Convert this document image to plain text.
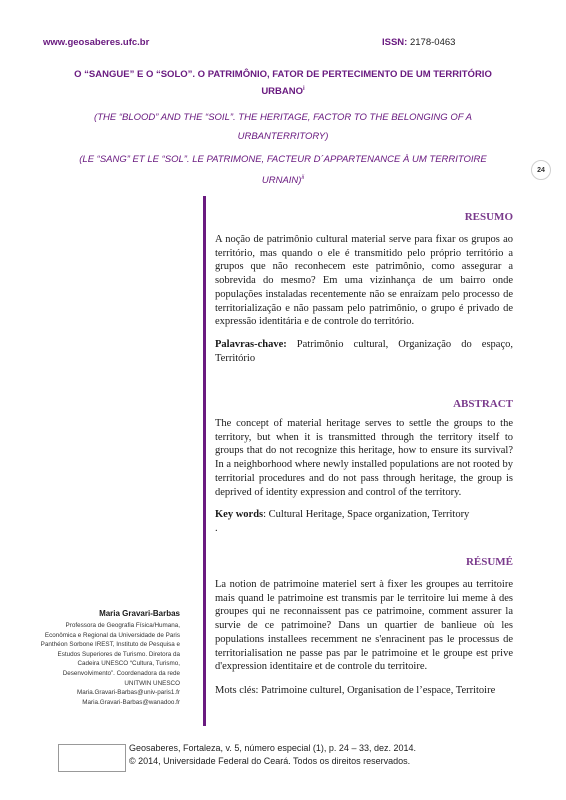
www.geosaberes.ufc.br	ISSN: 2178-0463
O “SANGUE” E O “SOLO”. O PATRIMÔNIO, FATOR DE PERTECIMENTO DE UM TERRITÓRIO
URBANO$^i$
(THE “BLOOD” AND THE “SOIL”. THE HERITAGE, FACTOR TO THE BELONGING OF A
URBANTERRITORY)
(LE “SANG” ET LE “SOL”. LE PATRIMONE, FACTEUR D´APPARTENANCE À UM TERRITOIRE
URNAIN)$^{ii}$
24
RESUMO
A noção de patrimônio cultural material serve para fixar os grupos ao território, mas quando o ele é transmitido pelo próprio território a grupos que não reconhecem este patrimônio, como assegurar a sobrevida do mesmo? Em uma vizinhança de um bairro onde populações instaladas recentemente não se enraízam pelo processo de territorialização e não passam pelo patrimônio, o grupo é privado de expressão identitária e de controle do território.
Palavras-chave: Patrimônio cultural, Organização do espaço, Território
ABSTRACT
The concept of material heritage serves to settle the groups to the territory, but when it is transmitted through the territory itself to groups that do not recognize this heritage, how to ensure its survival? In a neighborhood where newly installed populations are not rooted by territorial procedures and do not pass through heritage, the group is deprived of identity expression and control of the territory.
Key words: Cultural Heritage, Space organization, Territory
.
RÉSUMÉ
La notion de patrimoine materiel sert à fixer les groupes au territoire mais quand le patrimoine est transmis par le territoire lui meme à des groupes qui ne reconnaissent pas ce patrimoine, comment assurer la survie de ce patrimoine? Dans un quartier de banlieue où les populations installees recemment ne s'enracinent pas le processus de territorialisation ne passe pas par le patrimoine et le groupe est prive d'expression identitaire et de controle du territoire.
Mots clés: Patrimoine culturel, Organisation de l’espace, Territoire
Maria Gravari-Barbas
Professora de Geografia Física/Humana,
Econômica e Regional da Universidade de Paris
Panthéon Sorbone IREST, Instituto de Pesquisa e
Estudos Superiores de Turismo. Diretora da
Cadeira UNESCO “Cultura, Turismo,
Desenvolvimento”. Coordenadora da rede
UNITWIN UNESCO
Maria.Gravari-Barbas@univ-paris1.fr
Maria.Gravari-Barbas@wanadoo.fr
Geosaberes, Fortaleza, v. 5, número especial (1), p. 24 – 33, dez. 2014.
© 2014, Universidade Federal do Ceará. Todos os direitos reservados.
